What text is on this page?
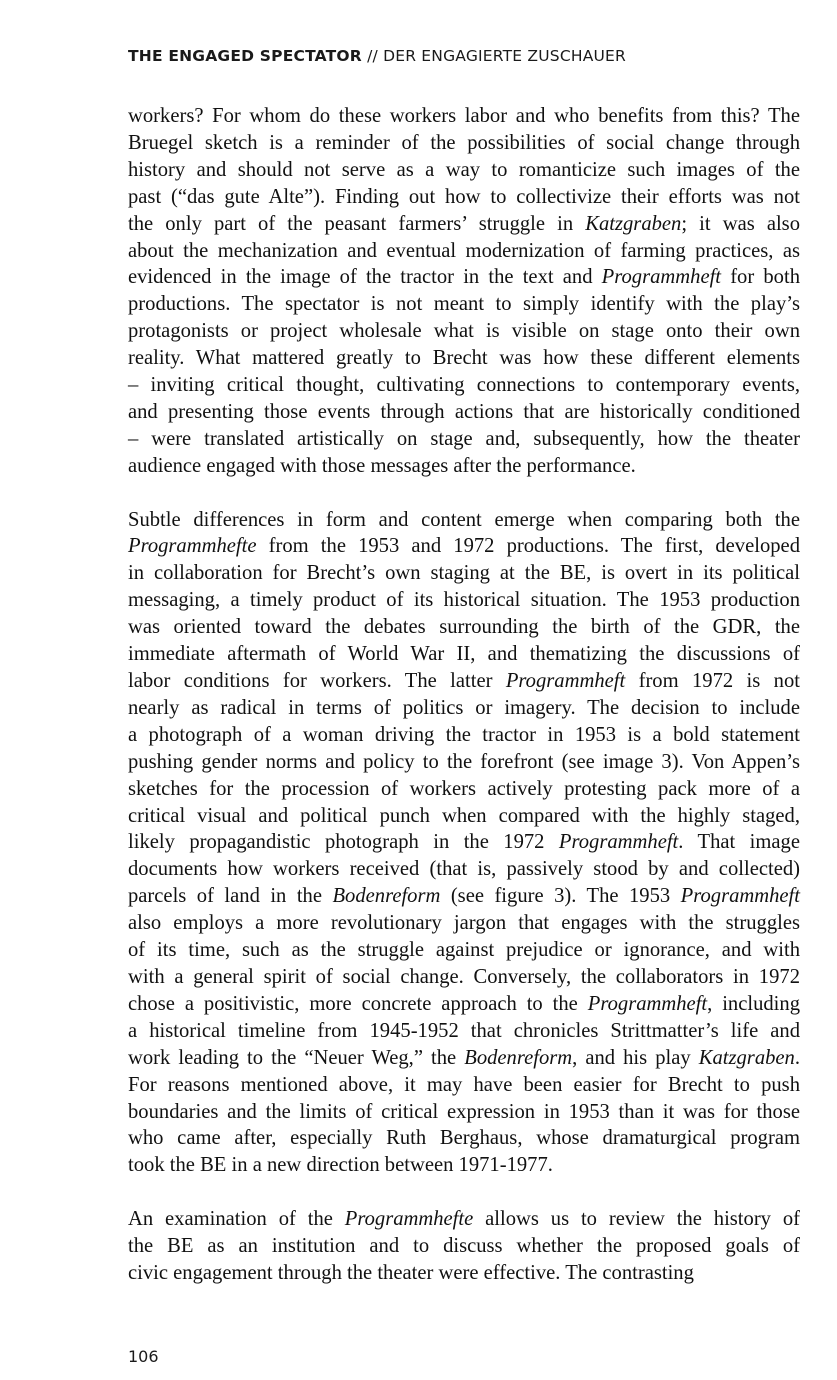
THE ENGAGED SPECTATOR // DER ENGAGIERTE ZUSCHAUER
workers? For whom do these workers labor and who benefits from this? The
Bruegel sketch is a reminder of the possibilities of social change through
history and should not serve as a way to romanticize such images of the
past (“das gute Alte”). Finding out how to collectivize their efforts was not
the only part of the peasant farmers’ struggle in Katzgraben; it was also
about the mechanization and eventual modernization of farming practices, as
evidenced in the image of the tractor in the text and Programmheft for both
productions. The spectator is not meant to simply identify with the play’s
protagonists or project wholesale what is visible on stage onto their own
reality. What mattered greatly to Brecht was how these different elements
– inviting critical thought, cultivating connections to contemporary events,
and presenting those events through actions that are historically conditioned
– were translated artistically on stage and, subsequently, how the theater
audience engaged with those messages after the performance.
Subtle differences in form and content emerge when comparing both the
Programmhefte from the 1953 and 1972 productions. The first, developed
in collaboration for Brecht’s own staging at the BE, is overt in its political
messaging, a timely product of its historical situation. The 1953 production
was oriented toward the debates surrounding the birth of the GDR, the
immediate aftermath of World War II, and thematizing the discussions of
labor conditions for workers. The latter Programmheft from 1972 is not
nearly as radical in terms of politics or imagery. The decision to include
a photograph of a woman driving the tractor in 1953 is a bold statement
pushing gender norms and policy to the forefront (see image 3). Von Appen’s
sketches for the procession of workers actively protesting pack more of a
critical visual and political punch when compared with the highly staged,
likely propagandistic photograph in the 1972 Programmheft. That image
documents how workers received (that is, passively stood by and collected)
parcels of land in the Bodenreform (see figure 3). The 1953 Programmheft
also employs a more revolutionary jargon that engages with the struggles
of its time, such as the struggle against prejudice or ignorance, and with
with a general spirit of social change. Conversely, the collaborators in 1972
chose a positivistic, more concrete approach to the Programmheft, including
a historical timeline from 1945-1952 that chronicles Strittmatter’s life and
work leading to the “Neuer Weg,” the Bodenreform, and his play Katzgraben.
For reasons mentioned above, it may have been easier for Brecht to push
boundaries and the limits of critical expression in 1953 than it was for those
who came after, especially Ruth Berghaus, whose dramaturgical program
took the BE in a new direction between 1971-1977.
An examination of the Programmhefte allows us to review the history of
the BE as an institution and to discuss whether the proposed goals of
civic engagement through the theater were effective. The contrasting
106
